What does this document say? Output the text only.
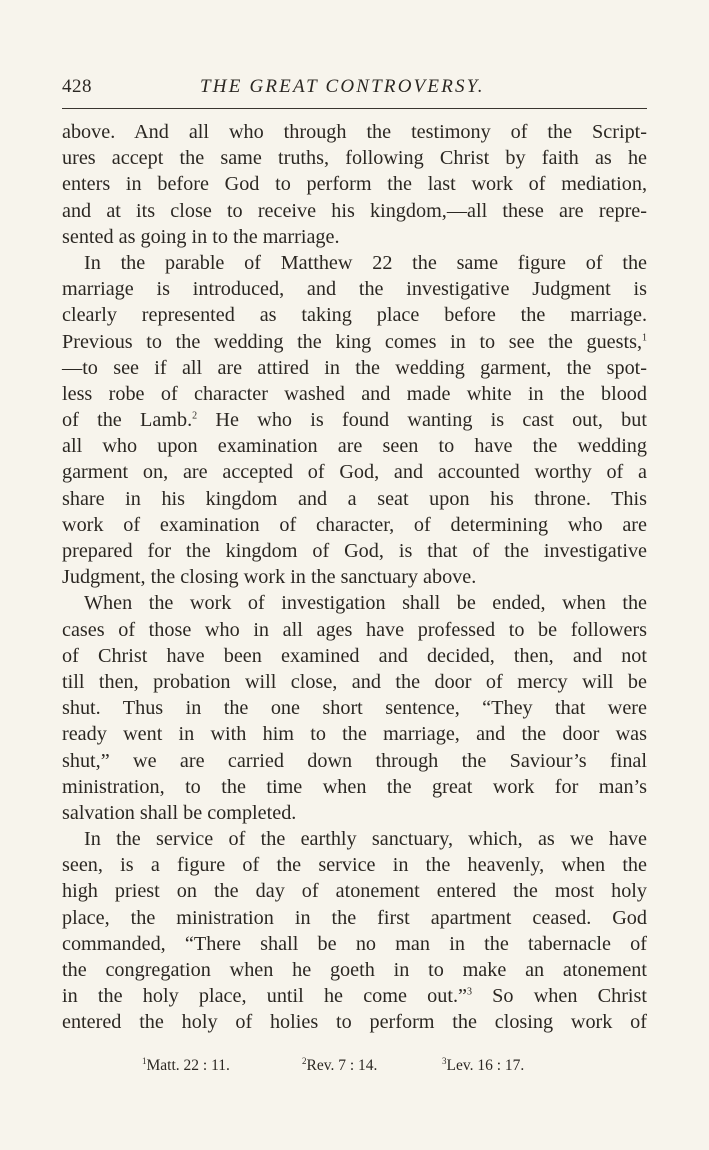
428	THE GREAT CONTROVERSY.
above. And all who through the testimony of the Script-
ures accept the same truths, following Christ by faith as he
enters in before God to perform the last work of mediation,
and at its close to receive his kingdom,—all these are repre-
sented as going in to the marriage.
In the parable of Matthew 22 the same figure of the
marriage is introduced, and the investigative Judgment is
clearly represented as taking place before the marriage.
Previous to the wedding the king comes in to see the guests,$^1$
—to see if all are attired in the wedding garment, the spot-
less robe of character washed and made white in the blood
of the Lamb.$^2$ He who is found wanting is cast out, but
all who upon examination are seen to have the wedding
garment on, are accepted of God, and accounted worthy of a
share in his kingdom and a seat upon his throne. This
work of examination of character, of determining who are
prepared for the kingdom of God, is that of the investigative
Judgment, the closing work in the sanctuary above.
When the work of investigation shall be ended, when the
cases of those who in all ages have professed to be followers
of Christ have been examined and decided, then, and not
till then, probation will close, and the door of mercy will be
shut. Thus in the one short sentence, “They that were
ready went in with him to the marriage, and the door was
shut,” we are carried down through the Saviour’s final
ministration, to the time when the great work for man’s
salvation shall be completed.
In the service of the earthly sanctuary, which, as we have
seen, is a figure of the service in the heavenly, when the
high priest on the day of atonement entered the most holy
place, the ministration in the first apartment ceased. God
commanded, “There shall be no man in the tabernacle of
the congregation when he goeth in to make an atonement
in the holy place, until he come out.”$^3$ So when Christ
entered the holy of holies to perform the closing work of
$^1$Matt. 22 : 11.	$^2$Rev. 7 : 14.	$^3$Lev. 16 : 17.
